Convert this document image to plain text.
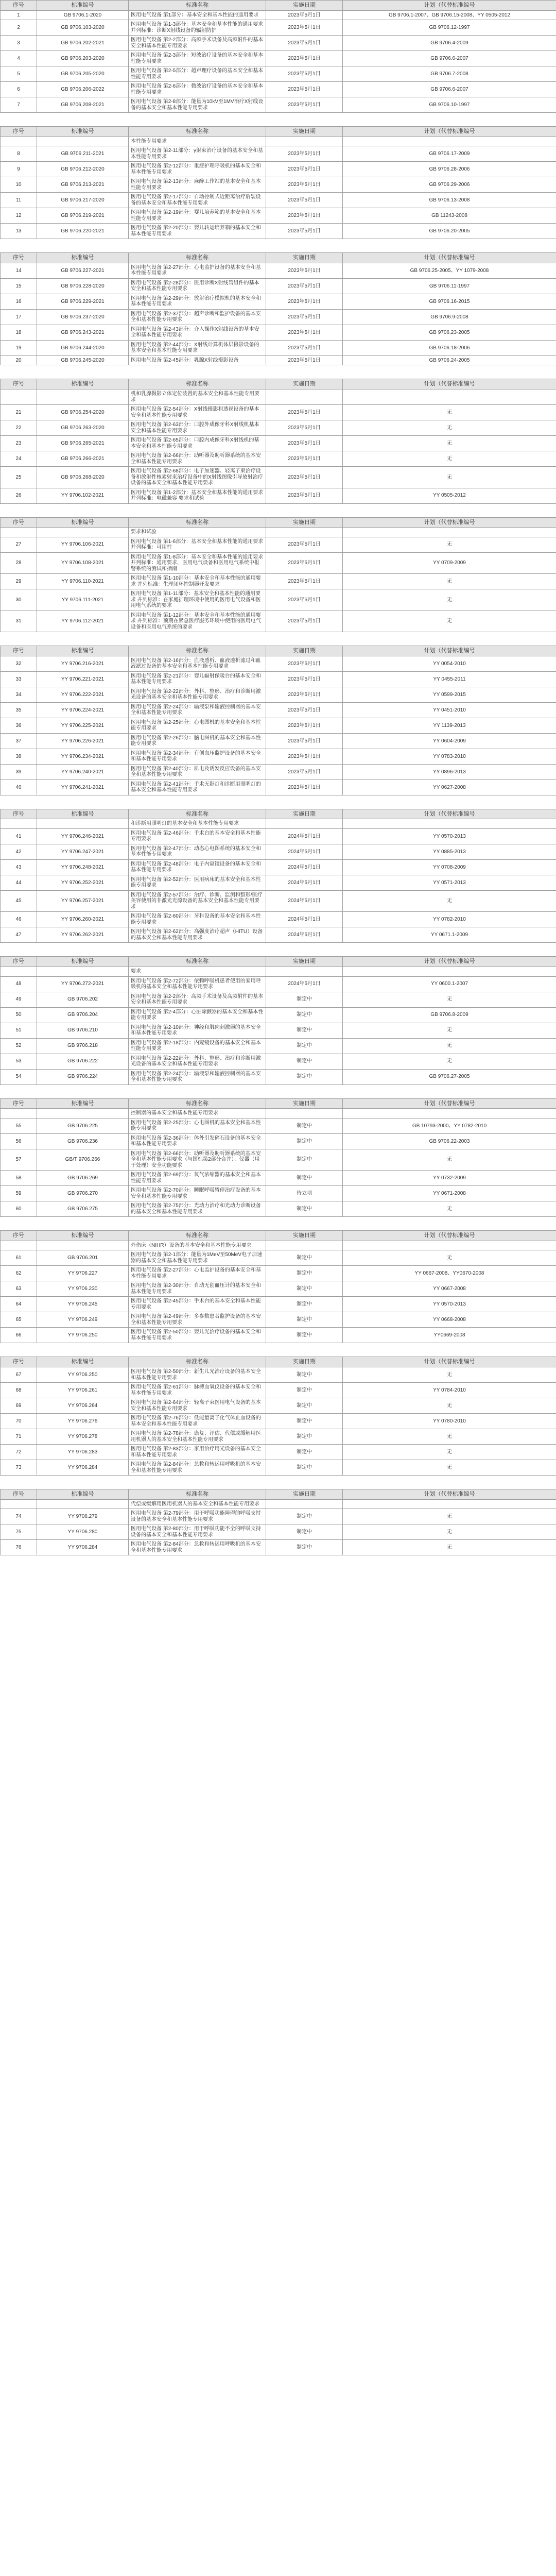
序号	标准编号	标准名称	实施日期	计划（代替标准编号
1	GB 9706.1-2020	医用电气设备 第1部分：基本安全和基本性能的通用要求	2023年5月1日	GB 9706.1-2007、GB 9706.15-2008、YY 0505-2012
2	GB 9706.103-2020	医用电气设备 第1-3部分：基本安全和基本性能的通用要求 并列标准：诊断X射线设备的辐射防护	2023年5月1日	GB 9706.12-1997
3	GB 9706.202-2021	医用电气设备 第2-2部分：高频手术设备及高频附件的基本安全和基本性能专用要求	2023年5月1日	GB 9706.4-2009
4	GB 9706.203-2020	医用电气设备 第2-3部分：短波治疗设备的基本安全和基本性能专用要求	2023年5月1日	GB 9706.6-2007
5	GB 9706.205-2020	医用电气设备 第2-5部分：超声理疗设备的基本安全和基本性能专用要求	2023年5月1日	GB 9706.7-2008
6	GB 9706.206-2022	医用电气设备 第2-6部分：微波治疗设备的基本安全和基本性能专用要求	2023年5月1日	GB 9706.6-2007
7	GB 9706.208-2021	医用电气设备 第2-8部分：能量为10kV至1MV治疗X射线设备的基本安全和基本性能专用要求	2023年5月1日	GB 9706.10-1997
序号	标准编号	标准名称	实施日期	计划（代替标准编号
		本性能专用要求		
8	GB 9706.211-2021	医用电气设备 第2-11部分：γ射束治疗设备的基本安全和基本性能专用要求	2023年5月1日	GB 9706.17-2009
9	GB 9706.212-2020	医用电气设备 第2-12部分：重症护理呼吸机的基本安全和基本性能专用要求	2023年5月1日	GB 9706.28-2006
10	GB 9706.213-2021	医用电气设备 第2-13部分：麻醉工作站的基本安全和基本性能专用要求	2023年5月1日	GB 9706.29-2006
11	GB 9706.217-2020	医用电气设备 第2-17部分：自动控制式近距离治疗后装设备的基本安全和基本性能专用要求	2023年5月1日	GB 9706.13-2008
12	GB 9706.219-2021	医用电气设备 第2-19部分：婴儿培养箱的基本安全和基本性能专用要求	2023年5月1日	GB 11243-2008
13	GB 9706.220-2021	医用电气设备 第2-20部分：婴儿转运培养箱的基本安全和基本性能专用要求	2023年5月1日	GB 9706.20-2005
序号	标准编号	标准名称	实施日期	计划（代替标准编号
14	GB 9706.227-2021	医用电气设备 第2-27部分：心电监护设备的基本安全和基本性能专用要求	2023年5月1日	GB 9706.25-2005、YY 1079-2008
15	GB 9706.228-2020	医用电气设备 第2-28部分：医用诊断X射线管组件的基本安全和基本性能专用要求	2023年5月1日	GB 9706.11-1997
16	GB 9706.229-2021	医用电气设备 第2-29部分：放射治疗模拟机的基本安全和基本性能专用要求	2023年5月1日	GB 9706.16-2015
17	GB 9706.237-2020	医用电气设备 第2-37部分：超声诊断和监护设备的基本安全和基本性能专用要求	2023年5月1日	GB 9706.9-2008
18	GB 9706.243-2021	医用电气设备 第2-43部分：介入操作X射线设备的基本安全和基本性能专用要求	2023年5月1日	GB 9706.23-2005
19	GB 9706.244-2020	医用电气设备 第2-44部分：X射线计算机体层摄影设备的基本安全和基本性能专用要求	2023年5月1日	GB 9706.18-2006
20	GB 9706.245-2020	医用电气设备 第2-45部分：乳腺X射线摄影设备	2023年5月1日	GB 9706.24-2005
序号	标准编号	标准名称	实施日期	计划（代替标准编号
		机和乳腺摄影立体定位装置的基本安全和基本性能专用要求		
21	GB 9706.254-2020	医用电气设备 第2-54部分：X射线摄影和透视设备的基本安全和基本性能专用要求	2023年5月1日	无
22	GB 9706.263-2020	医用电气设备 第2-63部分：口腔外成像牙科X射线机基本安全和基本性能专用要求	2023年5月1日	无
23	GB 9706.265-2021	医用电气设备 第2-65部分：口腔内成像牙科X射线机的基本安全和基本性能专用要求	2023年5月1日	无
24	GB 9706.266-2021	医用电气设备 第2-66部分：助听器及助听器系统的基本安全和基本性能专用要求	2023年5月1日	无
25	GB 9706.268-2020	医用电气设备 第2-68部分：电子加速器、轻离子束治疗设备和放射性核素射束治疗设备中的X射线图像引导放射治疗设备的基本安全和基本性能专用要求	2023年5月1日	无
26	YY 9706.102-2021	医用电气设备 第1-2部分：基本安全和基本性能的通用要求 并列标准：电磁兼容 要求和试验	2023年5月1日	YY 0505-2012
序号	标准编号	标准名称	实施日期	计划（代替标准编号
		要求和试验		
27	YY 9706.106-2021	医用电气设备 第1-6部分：基本安全和基本性能的通用要求 并列标准：可用性	2023年5月1日	无
28	YY 9706.108-2021	医用电气设备 第1-8部分：基本安全和基本性能的通用要求 并列标准：通用要求，医用电气设备和医用电气系统中报警系统的测试和指南	2023年5月1日	YY 0709-2009
29	YY 9706.110-2021	医用电气设备 第1-10部分：基本安全和基本性能的通用要求 并列标准：生理闭环控制器开发要求	2023年5月1日	无
30	YY 9706.111-2021	医用电气设备 第1-11部分：基本安全和基本性能的通用要求 并列标准：在家庭护理环境中使用的医用电气设备和医用电气系统的要求	2023年5月1日	无
31	YY 9706.112-2021	医用电气设备 第1-12部分：基本安全和基本性能的通用要求 并列标准：预期在紧急医疗服务环境中使用的医用电气设备和医用电气系统的要求	2023年5月1日	无
序号	标准编号	标准名称	实施日期	计划（代替标准编号
32	YY 9706.216-2021	医用电气设备 第2-16部分：血液透析、血液透析滤过和血液滤过设备的基本安全和基本性能专用要求	2023年5月1日	YY 0054-2010
33	YY 9706.221-2021	医用电气设备 第2-21部分：婴儿辐射保暖台的基本安全和基本性能专用要求	2023年5月1日	YY 0455-2011
34	YY 9706.222-2021	医用电气设备 第2-22部分：外科、整形、治疗和诊断用激光设备的基本安全和基本性能专用要求	2023年5月1日	YY 0599-2015
35	YY 9706.224-2021	医用电气设备 第2-24部分：输液泵和输液控制器的基本安全和基本性能专用要求	2023年5月1日	YY 0451-2010
36	YY 9706.225-2021	医用电气设备 第2-25部分：心电图机的基本安全和基本性能专用要求	2023年5月1日	YY 1139-2013
37	YY 9706.226-2021	医用电气设备 第2-26部分：脑电图机的基本安全和基本性能专用要求	2023年5月1日	YY 0604-2009
38	YY 9706.234-2021	医用电气设备 第2-34部分：有创血压监护设备的基本安全和基本性能专用要求	2023年5月1日	YY 0783-2010
39	YY 9706.240-2021	医用电气设备 第2-40部分：肌电及诱发反应设备的基本安全和基本性能专用要求	2023年5月1日	YY 0896-2013
40	YY 9706.241-2021	医用电气设备 第2-41部分：手术无影灯和诊断用照明灯的基本安全和基本性能专用要求	2023年5月1日	YY 0627-2008
序号	标准编号	标准名称	实施日期	计划（代替标准编号
		和诊断用照明灯的基本安全和基本性能专用要求		
41	YY 9706.246-2021	医用电气设备 第2-46部分：手术台的基本安全和基本性能专用要求	2024年5月1日	YY 0570-2013
42	YY 9706.247-2021	医用电气设备 第2-47部分：动态心电图系统的基本安全和基本性能专用要求	2024年5月1日	YY 0885-2013
43	YY 9706.248-2021	医用电气设备 第2-48部分：电子内窥镜设备的基本安全和基本性能专用要求	2024年5月1日	YY 0708-2009
44	YY 9706.252-2021	医用电气设备 第2-52部分：医用病床的基本安全和基本性能专用要求	2024年5月1日	YY 0571-2013
45	YY 9706.257-2021	医用电气设备 第2-57部分：治疗、诊断、监测和整形/医疗美容使用的非激光光源设备的基本安全和基本性能专用要求	2024年5月1日	无
46	YY 9706.260-2021	医用电气设备 第2-60部分：牙科设备的基本安全和基本性能专用要求	2024年5月1日	YY 0782-2010
47	YY 9706.262-2021	医用电气设备 第2-62部分：高强度治疗超声（HITU）设备的基本安全和基本性能专用要求	2024年5月1日	YY 0671.1-2009
序号	标准编号	标准名称	实施日期	计划（代替标准编号
		要求		
48	YY 9706.272-2021	医用电气设备 第2-72部分：依赖呼吸机患者使用的家用呼吸机的基本安全和基本性能专用要求	2024年5月1日	YY 0600.1-2007
49	GB 9706.202	医用电气设备 第2-2部分：高频手术设备及高频附件的基本安全和基本性能专用要求	制定中	无
50	GB 9706.204	医用电气设备 第2-4部分：心脏除颤器的基本安全和基本性能专用要求	制定中	GB 9706.8-2009
51	GB 9706.210	医用电气设备 第2-10部分：神经和肌肉刺激器的基本安全和基本性能专用要求	制定中	无
52	GB 9706.218	医用电气设备 第2-18部分：内窥镜设备的基本安全和基本性能专用要求	制定中	无
53	GB 9706.222	医用电气设备 第2-22部分：外科、整形、治疗和诊断用激光设备的基本安全和基本性能专用要求	制定中	无
54	GB 9706.224	医用电气设备 第2-24部分：输液泵和输液控制器的基本安全和基本性能专用要求	制定中	GB 9706.27-2005
序号	标准编号	标准名称	实施日期	计划（代替标准编号
		控制器的基本安全和基本性能专用要求		
55	GB 9706.225	医用电气设备 第2-25部分：心电图机的基本安全和基本性能专用要求	制定中	GB 10793-2000、YY 0782-2010
56	GB 9706.236	医用电气设备 第2-36部分：体外引发碎石设备的基本安全和基本性能专用要求	制定中	GB 9706.22-2003
57	GB/T 9706.266	医用电气设备 第2-66部分：助听器及助听器系统的基本安全和基本性能专用要求（与国标第2部分合并）、仪器（用于处理）安全功能要求	制定中	无
58	GB 9706.269	医用电气设备 第2-69部分：氧气浓缩器的基本安全和基本性能专用要求	制定中	YY 0732-2009
59	GB 9706.270	医用电气设备 第2-70部分：睡眠呼吸暂停治疗设备的基本安全和基本性能专用要求	待立项	YY 0671-2008
60	GB 9706.275	医用电气设备 第2-75部分：光动力治疗和光动力诊断设备的基本安全和基本性能专用要求	制定中	无
序号	标准编号	标准名称	实施日期	计划（代替标准编号
		外伤床（NIHR）设备的基本安全和基本性能专用要求		
61	GB 9706.201	医用电气设备 第2-1部分：能量为1MeV至50MeV电子加速器的基本安全和基本性能专用要求	制定中	无
62	YY 9706.227	医用电气设备 第2-27部分：心电监护设备的基本安全和基本性能专用要求	制定中	YY 0667-2008、YY0670-2008
63	YY 9706.230	医用电气设备 第2-30部分：自动无创血压计的基本安全和基本性能专用要求	制定中	YY 0667-2008
64	YY 9706.245	医用电气设备 第2-45部分：手术台的基本安全和基本性能专用要求	制定中	YY 0570-2013
65	YY 9706.249	医用电气设备 第2-49部分：多参数患者监护设备的基本安全和基本性能专用要求	制定中	YY 0668-2008
66	YY 9706.250	医用电气设备 第2-50部分：婴儿光治疗设备的基本安全和基本性能专用要求	制定中	YY0669-2008
序号	标准编号	标准名称	实施日期	计划（代替标准编号
67	YY 9706.250	医用电气设备 第2-50部分：新生儿光治疗设备的基本安全和基本性能专用要求	制定中	无
68	YY 9706.261	医用电气设备 第2-61部分：脉搏血氧仪设备的基本安全和基本性能专用要求	制定中	YY 0784-2010
69	YY 9706.264	医用电气设备 第2-64部分：轻离子束医用电气设备的基本安全和基本性能专用要求	制定中	无
70	YY 9706.276	医用电气设备 第2-76部分：低能量离子化气体止血设备的基本安全和基本性能专用要求	制定中	YY 0780-2010
71	YY 9706.278	医用电气设备 第2-78部分：康复、评估、代偿或缓解用医用机器人的基本安全和基本性能专用要求	制定中	无
72	YY 9706.283	医用电气设备 第2-83部分：家用治疗用光设备的基本安全和基本性能专用要求	制定中	无
73	YY 9706.284	医用电气设备 第2-84部分：急救和转运用呼吸机的基本安全和基本性能专用要求	制定中	无
序号	标准编号	标准名称	实施日期	计划（代替标准编号
		代偿或缓解用医用机器人的基本安全和基本性能专用要求		
74	YY 9706.279	医用电气设备 第2-79部分：用于呼吸功能障碍的呼吸支持设备的基本安全和基本性能专用要求	制定中	无
75	YY 9706.280	医用电气设备 第2-80部分：用于呼吸功能不全的呼吸支持设备的基本安全和基本性能专用要求	制定中	无
76	YY 9706.284	医用电气设备 第2-84部分：急救和转运用呼吸机的基本安全和基本性能专用要求	制定中	无
